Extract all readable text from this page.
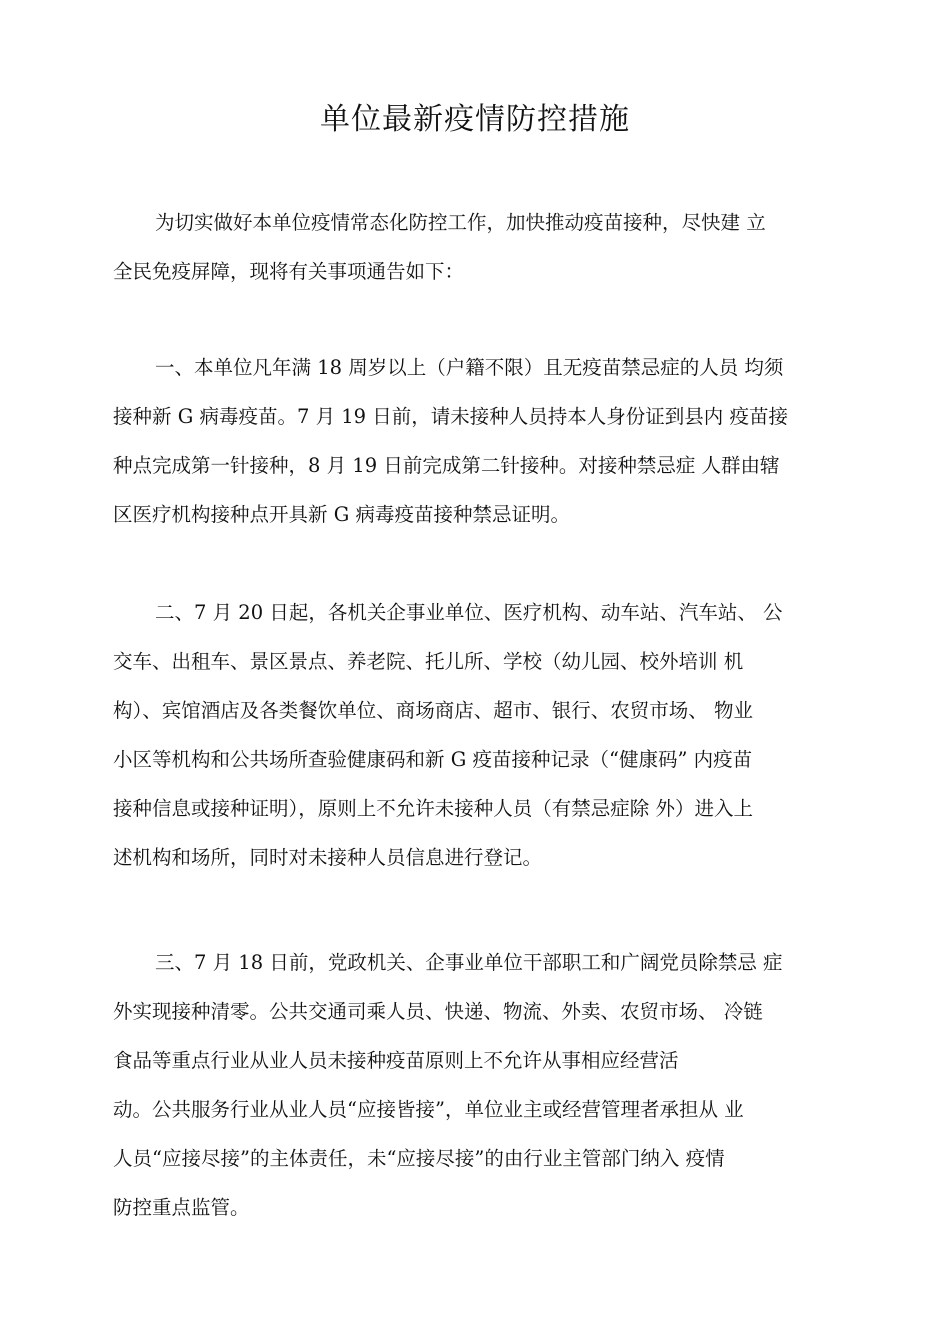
单位最新疫情防控措施
为切实做好本单位疫情常态化防控工作，加快推动疫苗接种，尽快建 立
全民免疫屏障，现将有关事项通告如下：
一、本单位凡年满 18 周岁以上（户籍不限）且无疫苗禁忌症的人员 均须
接种新 G 病毒疫苗。7 月 19 日前，请未接种人员持本人身份证到县内 疫苗接
种点完成第一针接种，8 月 19 日前完成第二针接种。对接种禁忌症 人群由辖
区医疗机构接种点开具新 G 病毒疫苗接种禁忌证明。
二、7 月 20 日起，各机关企事业单位、医疗机构、动车站、汽车站、 公
交车、出租车、景区景点、养老院、托儿所、学校（幼儿园、校外培训 机
构）、宾馆酒店及各类餐饮单位、商场商店、超市、银行、农贸市场、 物业
小区等机构和公共场所查验健康码和新 G 疫苗接种记录（“健康码” 内疫苗
接种信息或接种证明），原则上不允许未接种人员（有禁忌症除 外）进入上
述机构和场所，同时对未接种人员信息进行登记。
三、7 月 18 日前，党政机关、企事业单位干部职工和广阔党员除禁忌 症
外实现接种清零。公共交通司乘人员、快递、物流、外卖、农贸市场、 冷链
食品等重点行业从业人员未接种疫苗原则上不允许从事相应经营活
动。公共服务行业从业人员“应接皆接”，单位业主或经营管理者承担从 业
人员“应接尽接”的主体责任，未“应接尽接”的由行业主管部门纳入 疫情
防控重点监管。
